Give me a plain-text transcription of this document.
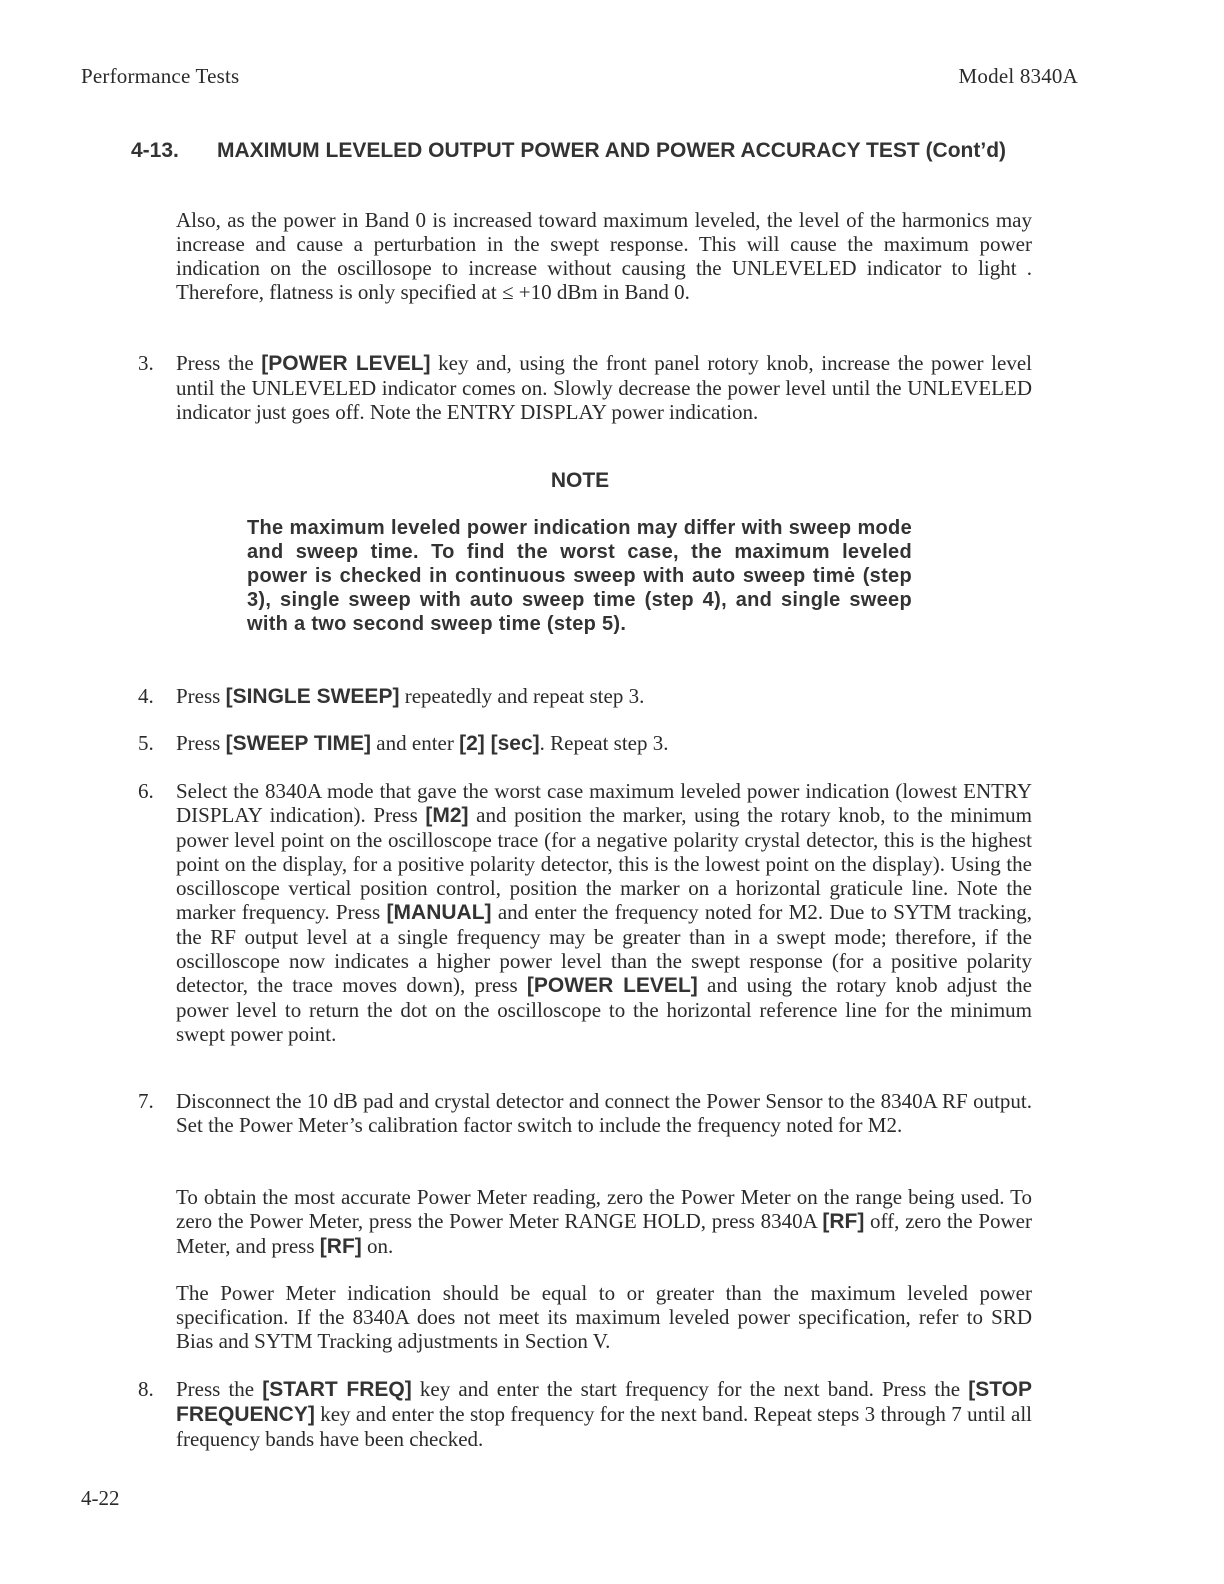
Performance Tests	Model 8340A
4-13. MAXIMUM LEVELED OUTPUT POWER AND POWER ACCURACY TEST (Cont’d)
Also, as the power in Band 0 is increased toward maximum leveled, the level of the harmonics may increase and cause a perturbation in the swept response. This will cause the maximum power indication on the oscillosope to increase without causing the UNLEVELED indicator to light . Therefore, flatness is only specified at ≤ +10 dBm in Band 0.
3. Press the [POWER LEVEL] key and, using the front panel rotory knob, increase the power level until the UNLEVELED indicator comes on. Slowly decrease the power level until the UNLEVELED indicator just goes off. Note the ENTRY DISPLAY power indication.
NOTE
The maximum leveled power indication may differ with sweep mode and sweep time. To find the worst case, the maximum leveled power is checked in continuous sweep with auto sweep timė (step 3), single sweep with auto sweep time (step 4), and single sweep with a two second sweep time (step 5).
4. Press [SINGLE SWEEP] repeatedly and repeat step 3.
5. Press [SWEEP TIME] and enter [2] [sec]. Repeat step 3.
6. Select the 8340A mode that gave the worst case maximum leveled power indication (lowest ENTRY DISPLAY indication). Press [M2] and position the marker, using the rotary knob, to the minimum power level point on the oscilloscope trace (for a negative polarity crystal detector, this is the highest point on the display, for a positive polarity detector, this is the lowest point on the display). Using the oscilloscope vertical position control, position the marker on a horizontal graticule line. Note the marker frequency. Press [MANUAL] and enter the frequency noted for M2. Due to SYTM tracking, the RF output level at a single frequency may be greater than in a swept mode; therefore, if the oscilloscope now indicates a higher power level than the swept response (for a positive polarity detector, the trace moves down), press [POWER LEVEL] and using the rotary knob adjust the power level to return the dot on the oscilloscope to the horizontal reference line for the minimum swept power point.
7. Disconnect the 10 dB pad and crystal detector and connect the Power Sensor to the 8340A RF output. Set the Power Meter’s calibration factor switch to include the frequency noted for M2.
To obtain the most accurate Power Meter reading, zero the Power Meter on the range being used. To zero the Power Meter, press the Power Meter RANGE HOLD, press 8340A [RF] off, zero the Power Meter, and press [RF] on.
The Power Meter indication should be equal to or greater than the maximum leveled power specification. If the 8340A does not meet its maximum leveled power specification, refer to SRD Bias and SYTM Tracking adjustments in Section V.
8. Press the [START FREQ] key and enter the start frequency for the next band. Press the [STOP FREQUENCY] key and enter the stop frequency for the next band. Repeat steps 3 through 7 until all frequency bands have been checked.
4-22
